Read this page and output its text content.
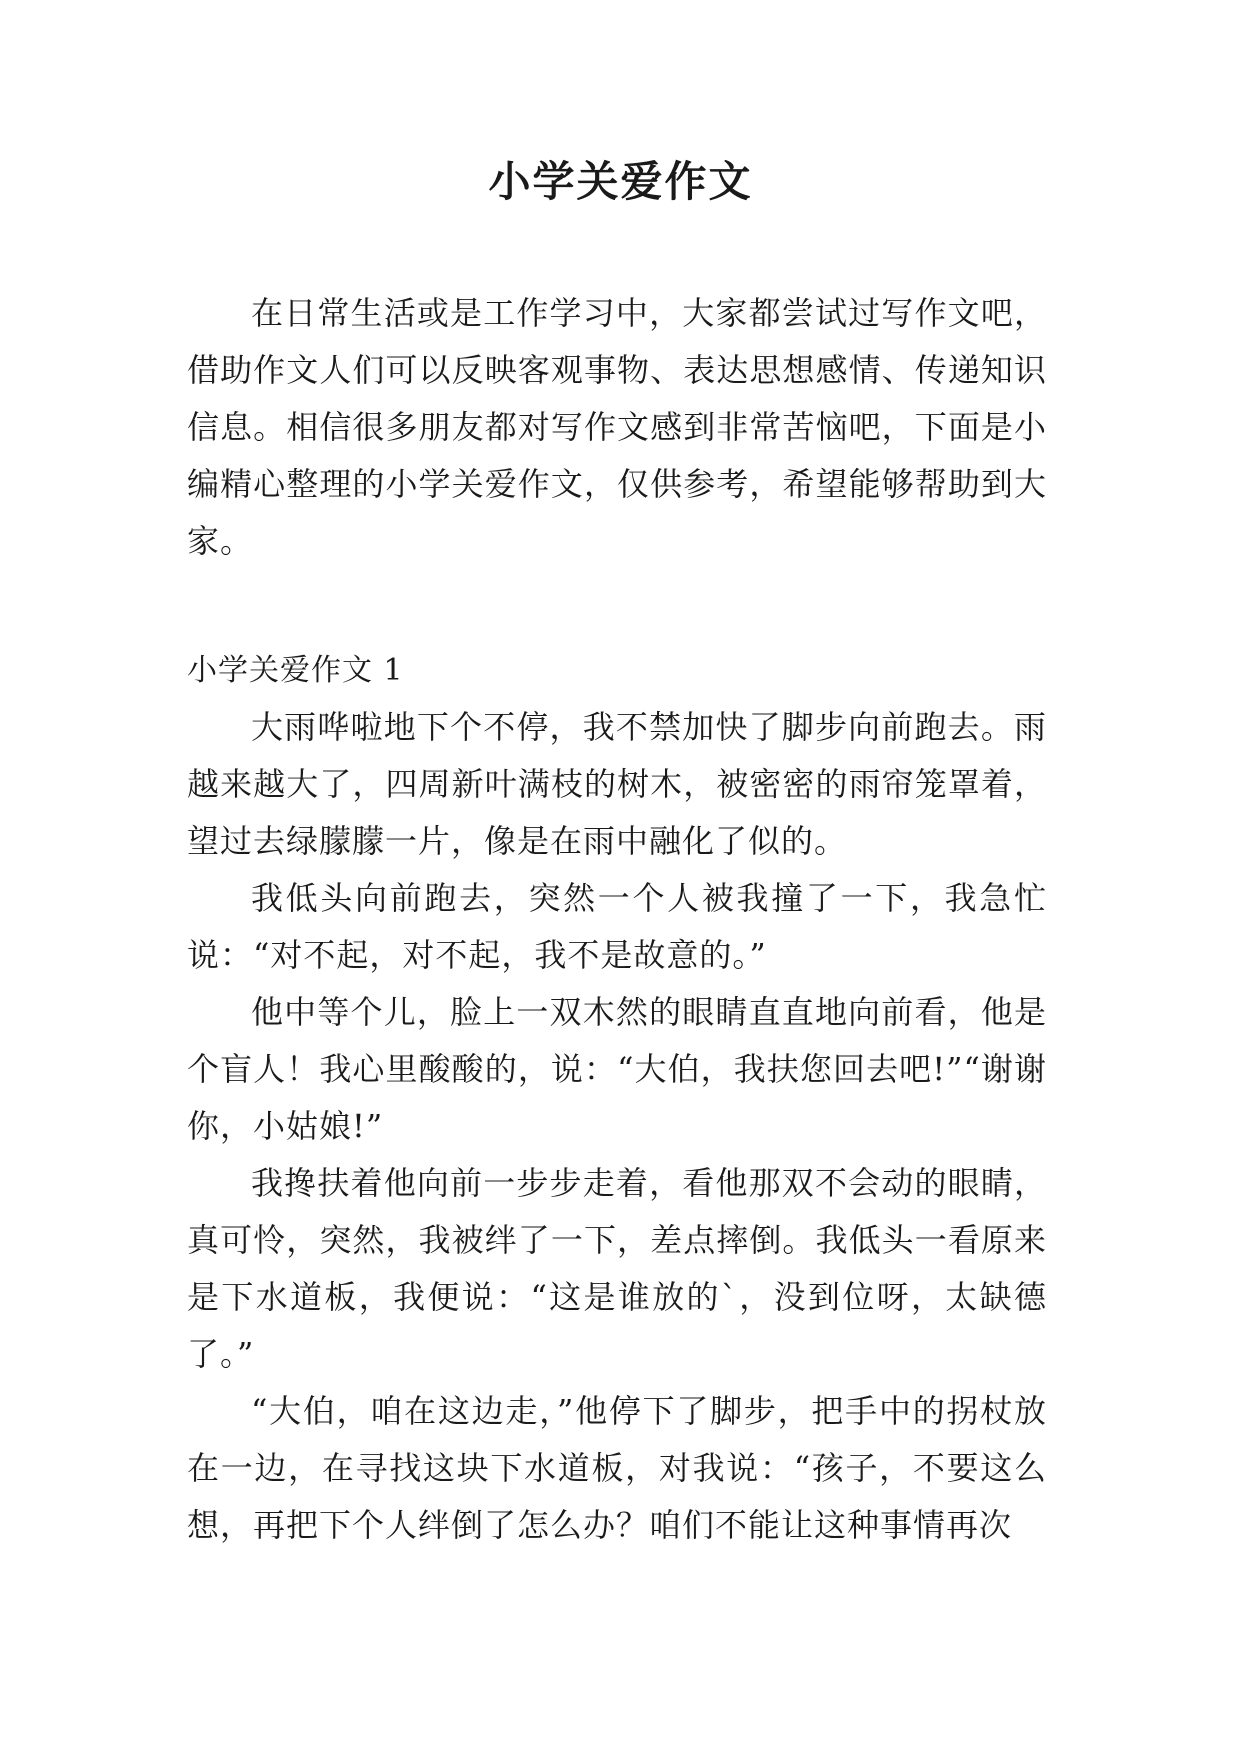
小学关爱作文

在日常生活或是工作学习中，大家都尝试过写作文吧，借助作文人们可以反映客观事物、表达思想感情、传递知识信息。相信很多朋友都对写作文感到非常苦恼吧，下面是小编精心整理的小学关爱作文，仅供参考，希望能够帮助到大家。

小学关爱作文 1

大雨哗啦地下个不停，我不禁加快了脚步向前跑去。雨越来越大了，四周新叶满枝的树木，被密密的雨帘笼罩着，望过去绿朦朦一片，像是在雨中融化了似的。

我低头向前跑去，突然一个人被我撞了一下，我急忙说：“对不起，对不起，我不是故意的。”

他中等个儿，脸上一双木然的眼睛直直地向前看，他是个盲人！我心里酸酸的，说：“大伯，我扶您回去吧!”“谢谢你，小姑娘!”

我搀扶着他向前一步步走着，看他那双不会动的眼睛，真可怜，突然，我被绊了一下，差点摔倒。我低头一看原来是下水道板，我便说：“这是谁放的`，没到位呀，太缺德了。”

“大伯，咱在这边走，”他停下了脚步，把手中的拐杖放在一边，在寻找这块下水道板，对我说：“孩子，不要这么想，再把下个人绊倒了怎么办？咱们不能让这种事情再次
